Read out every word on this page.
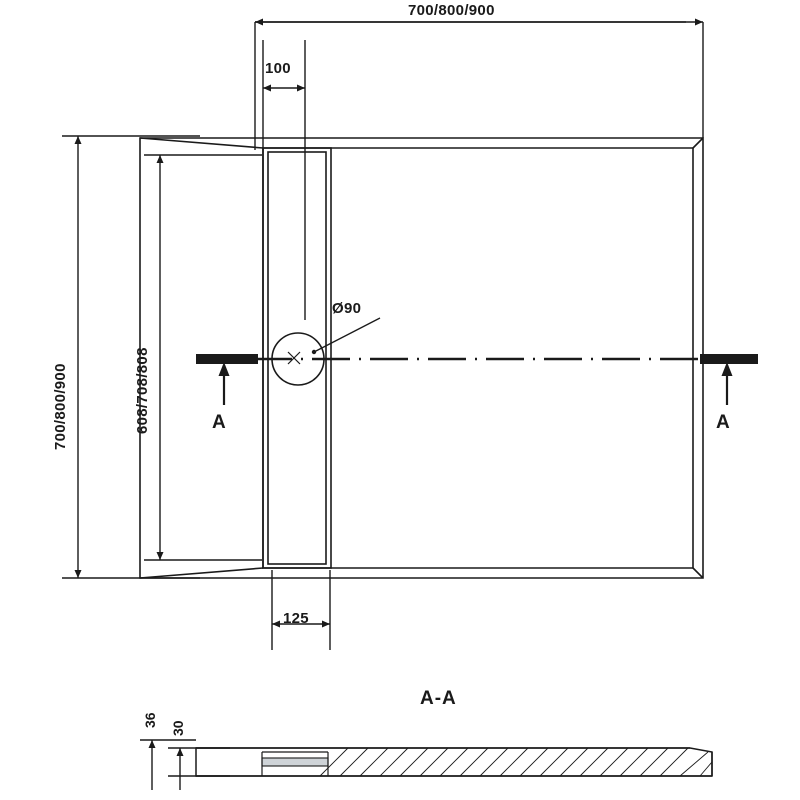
700/800/900
100
700/800/900	608/708/808
125
Ø90
A	A
A-A
36
30
